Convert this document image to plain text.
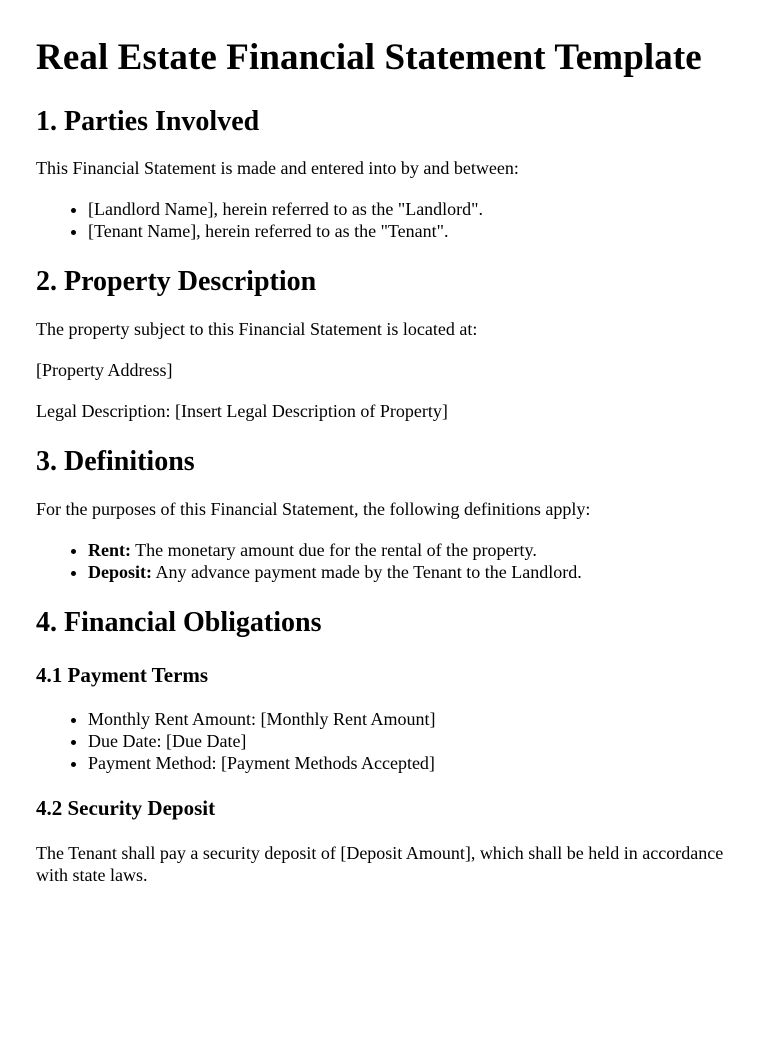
Real Estate Financial Statement Template
1. Parties Involved

This Financial Statement is made and entered into by and between:

• [Landlord Name], herein referred to as the "Landlord".
• [Tenant Name], herein referred to as the "Tenant".
2. Property Description

The property subject to this Financial Statement is located at:

[Property Address]

Legal Description: [Insert Legal Description of Property]

3. Definitions

For the purposes of this Financial Statement, the following definitions apply:

• Rent: The monetary amount due for the rental of the property.
• Deposit: Any advance payment made by the Tenant to the Landlord.
4. Financial Obligations
4.1 Payment Terms
• Monthly Rent Amount: [Monthly Rent Amount]
• Due Date: [Due Date]
• Payment Method: [Payment Methods Accepted]
4.2 Security Deposit

The Tenant shall pay a security deposit of [Deposit Amount], which shall be held in accordance with state laws.
